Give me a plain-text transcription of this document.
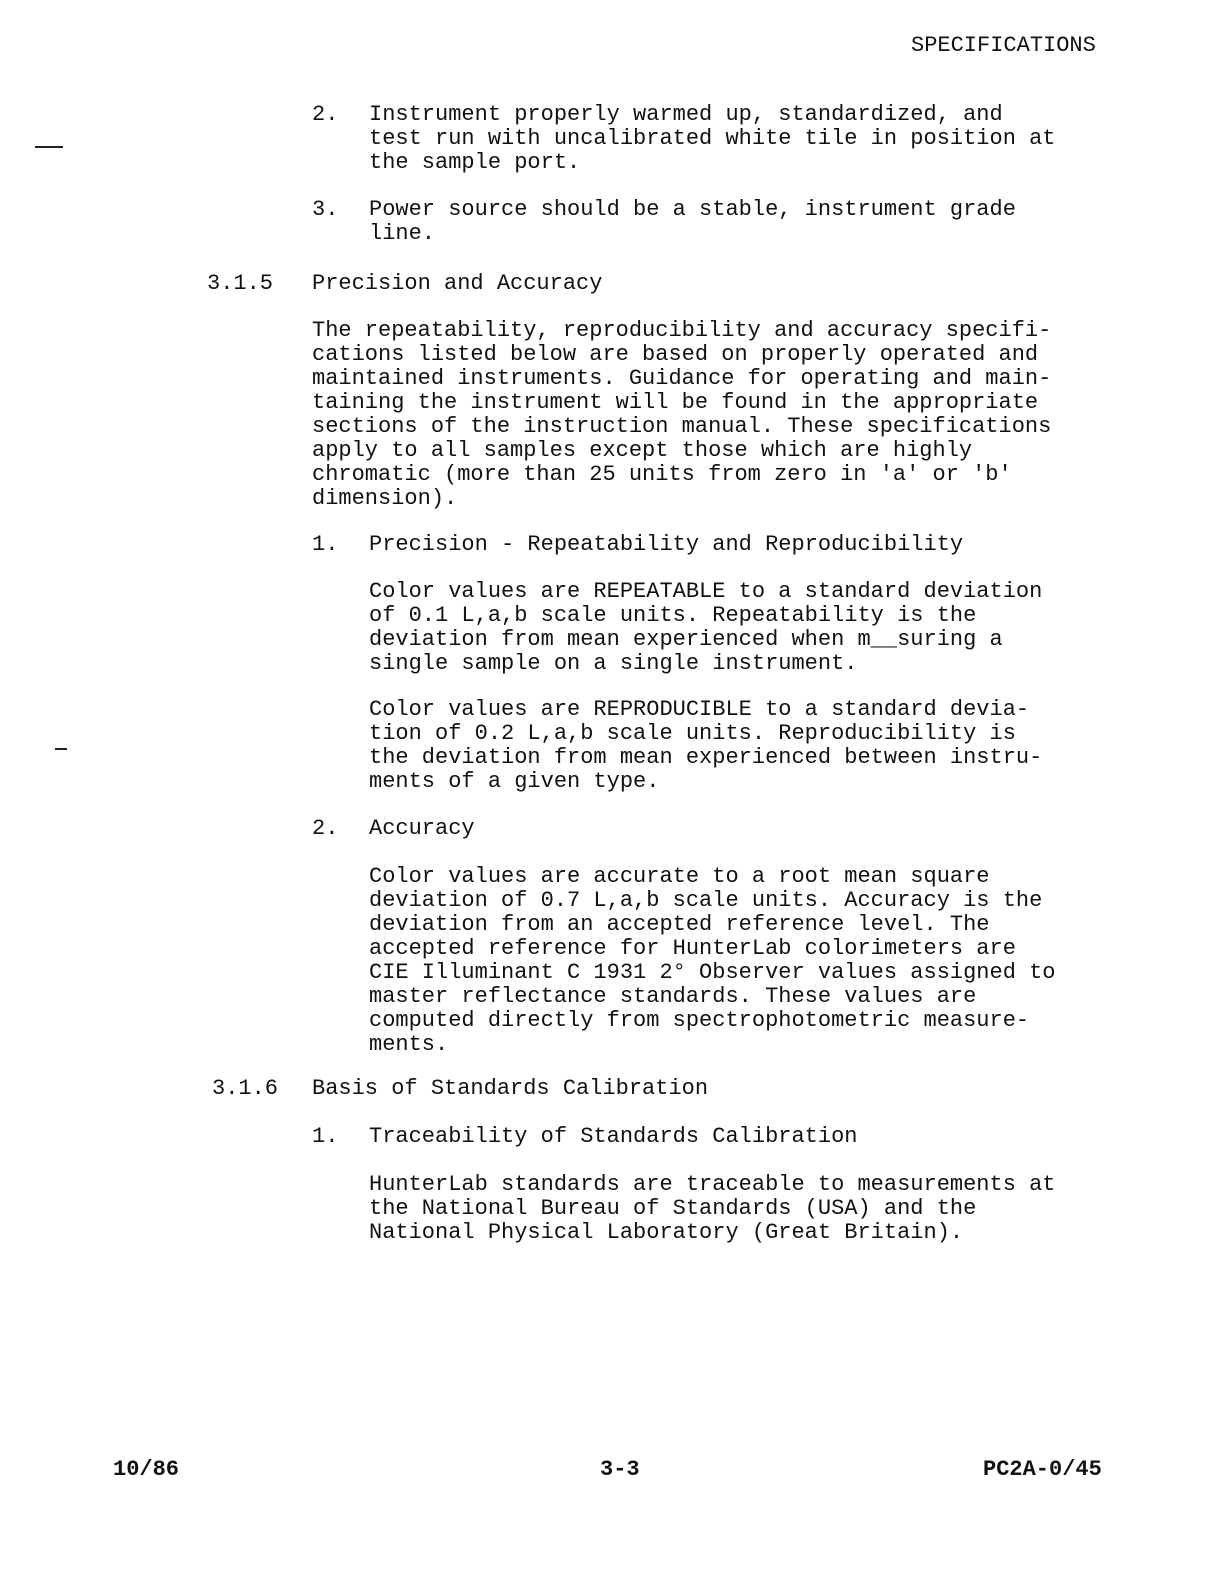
SPECIFICATIONS
2. Instrument properly warmed up, standardized, and
test run with uncalibrated white tile in position at
the sample port.
3. Power source should be a stable, instrument grade
line.
3.1.5 Precision and Accuracy
The repeatability, reproducibility and accuracy specifi-
cations listed below are based on properly operated and
maintained instruments. Guidance for operating and main-
taining the instrument will be found in the appropriate
sections of the instruction manual. These specifications
apply to all samples except those which are highly
chromatic (more than 25 units from zero in 'a' or 'b'
dimension).
1. Precision - Repeatability and Reproducibility
Color values are REPEATABLE to a standard deviation
of 0.1 L,a,b scale units. Repeatability is the
deviation from mean experienced when m__suring a
single sample on a single instrument.
Color values are REPRODUCIBLE to a standard devia-
tion of 0.2 L,a,b scale units. Reproducibility is
the deviation from mean experienced between instru-
ments of a given type.
2. Accuracy
Color values are accurate to a root mean square
deviation of 0.7 L,a,b scale units. Accuracy is the
deviation from an accepted reference level. The
accepted reference for HunterLab colorimeters are
CIE Illuminant C 1931 2° Observer values assigned to
master reflectance standards. These values are
computed directly from spectrophotometric measure-
ments.
3.1.6 Basis of Standards Calibration
1. Traceability of Standards Calibration
HunterLab standards are traceable to measurements at
the National Bureau of Standards (USA) and the
National Physical Laboratory (Great Britain).
10/86	3-3	PC2A-0/45
